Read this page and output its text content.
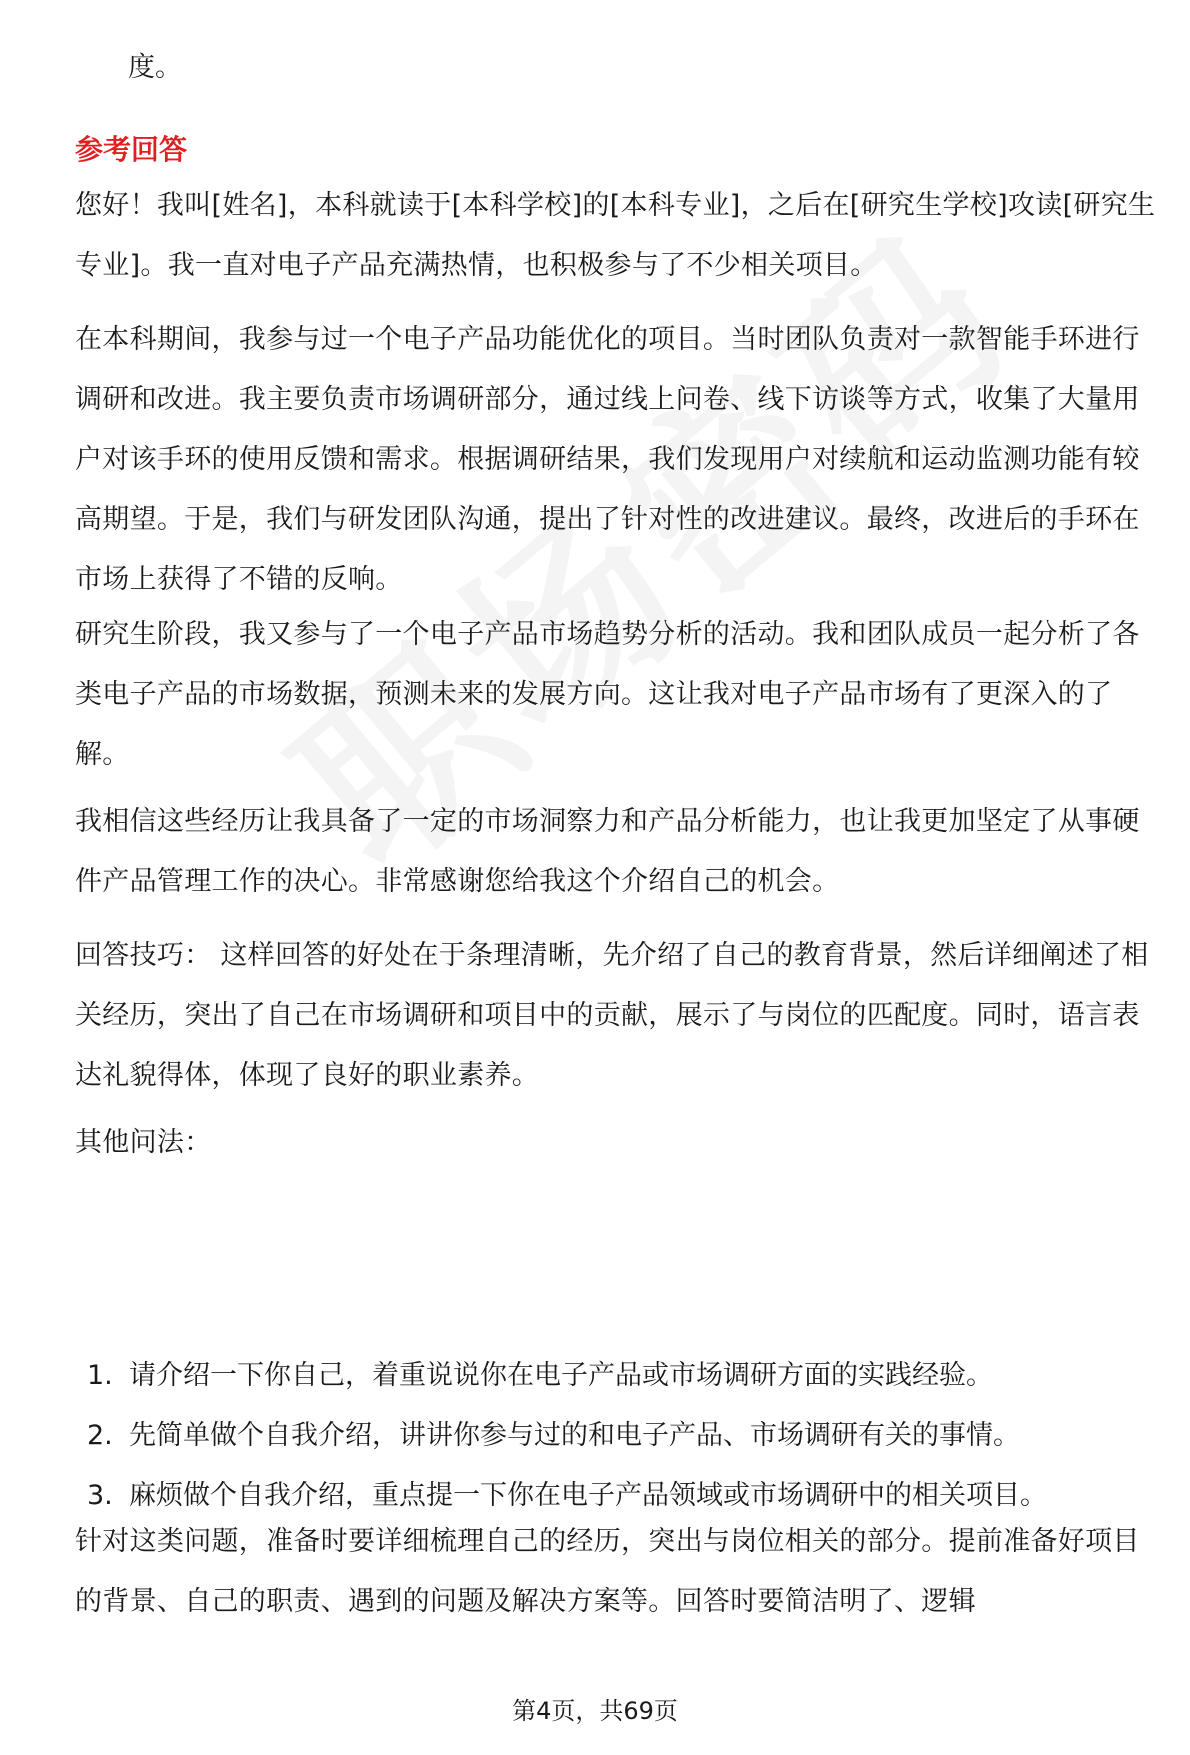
度。

参考回答

您好！我叫[姓名]，本科就读于[本科学校]的[本科专业]，之后在[研究生学校]攻读[研究生专业]。我一直对电子产品充满热情，也积极参与了不少相关项目。

在本科期间，我参与过一个电子产品功能优化的项目。当时团队负责对一款智能手环进行调研和改进。我主要负责市场调研部分，通过线上问卷、线下访谈等方式，收集了大量用户对该手环的使用反馈和需求。根据调研结果，我们发现用户对续航和运动监测功能有较高期望。于是，我们与研发团队沟通，提出了针对性的改进建议。最终，改进后的手环在市场上获得了不错的反响。

研究生阶段，我又参与了一个电子产品市场趋势分析的活动。我和团队成员一起分析了各类电子产品的市场数据，预测未来的发展方向。这让我对电子产品市场有了更深入的了解。

我相信这些经历让我具备了一定的市场洞察力和产品分析能力，也让我更加坚定了从事硬件产品管理工作的决心。非常感谢您给我这个介绍自己的机会。

回答技巧： 这样回答的好处在于条理清晰，先介绍了自己的教育背景，然后详细阐述了相关经历，突出了自己在市场调研和项目中的贡献，展示了与岗位的匹配度。同时，语言表达礼貌得体，体现了良好的职业素养。

其他问法：

1. 请介绍一下你自己，着重说说你在电子产品或市场调研方面的实践经验。
2. 先简单做个自我介绍，讲讲你参与过的和电子产品、市场调研有关的事情。
3. 麻烦做个自我介绍，重点提一下你在电子产品领域或市场调研中的相关项目。

针对这类问题，准备时要详细梳理自己的经历，突出与岗位相关的部分。提前准备好项目的背景、自己的职责、遇到的问题及解决方案等。回答时要简洁明了、逻辑

第4页，共69页
